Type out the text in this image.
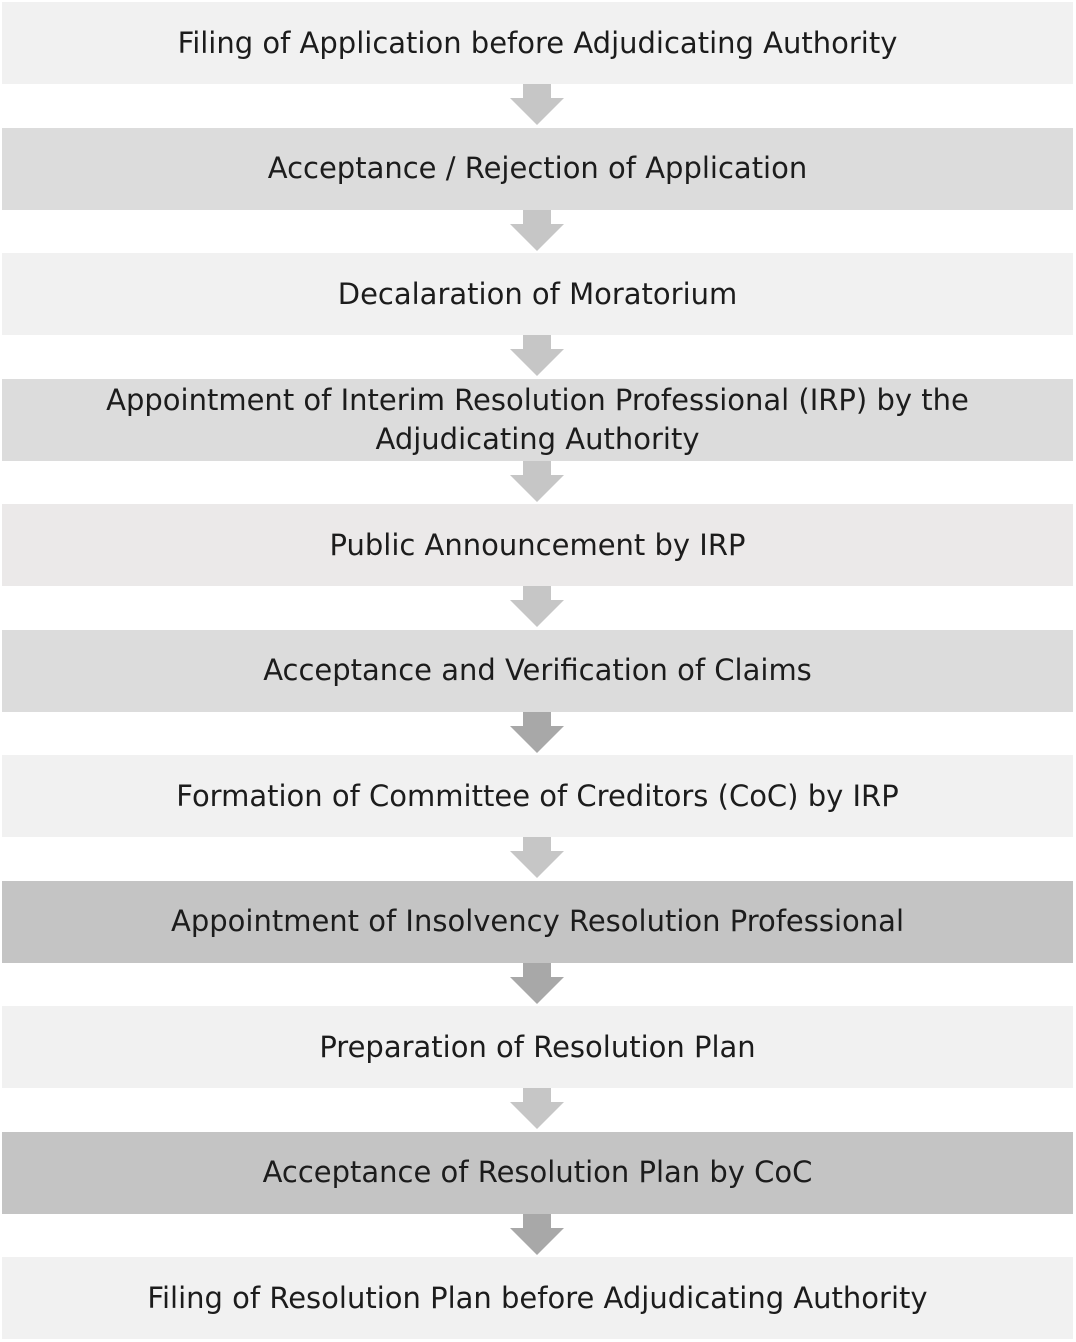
Filing of Application before Adjudicating Authority
Acceptance / Rejection of Application
Decalaration of Moratorium
Appointment of Interim Resolution Professional (IRP) by the Adjudicating Authority
Public Announcement by IRP
Acceptance and Verification of Claims
Formation of Committee of Creditors (CoC) by IRP
Appointment of Insolvency Resolution Professional
Preparation of Resolution Plan
Acceptance of Resolution Plan by CoC
Filing of Resolution Plan before Adjudicating Authority
